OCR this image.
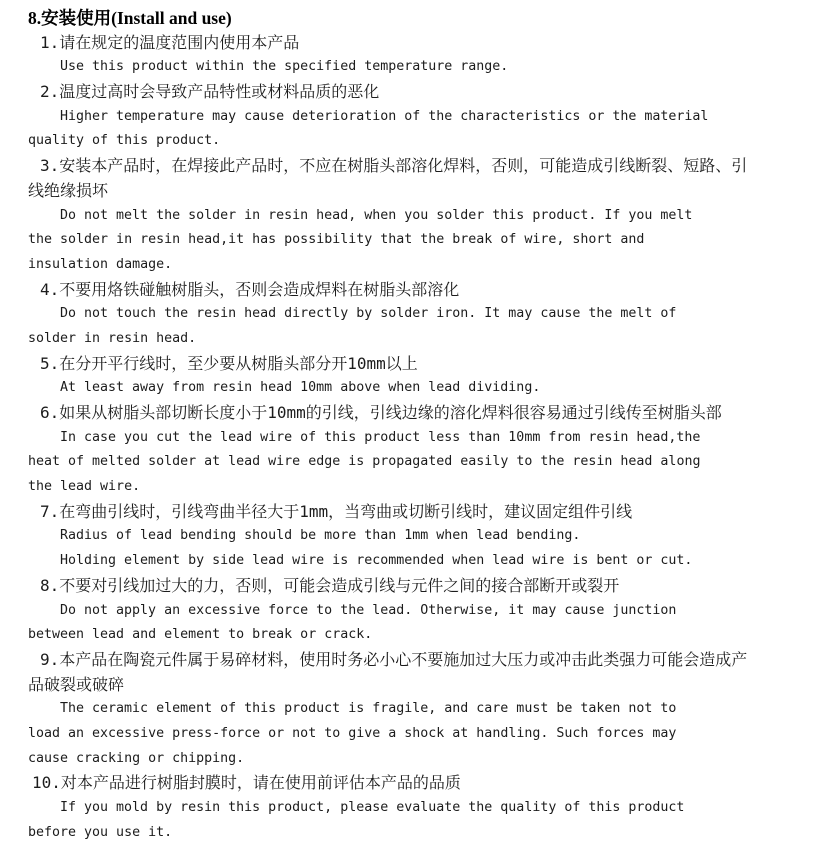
8.安装使用(Install and use)
1.请在规定的温度范围内使用本产品
Use this product within the specified temperature range.
2.温度过高时会导致产品特性或材料品质的恶化
Higher temperature may cause deterioration of the characteristics or the material
quality of this product.
3.安装本产品时，在焊接此产品时，不应在树脂头部溶化焊料，否则，可能造成引线断裂、短路、引
线绝缘损坏
Do not melt the solder in resin head, when you solder this product. If you melt
the solder in resin head,it has possibility that the break of wire, short and
insulation damage.
4.不要用烙铁碰触树脂头，否则会造成焊料在树脂头部溶化
Do not touch the resin head directly by solder iron. It may cause the melt of
solder in resin head.
5.在分开平行线时，至少要从树脂头部分开10mm以上
At least away from resin head 10mm above when lead dividing.
6.如果从树脂头部切断长度小于10mm的引线，引线边缘的溶化焊料很容易通过引线传至树脂头部
In case you cut the lead wire of this product less than 10mm from resin head,the
heat of melted solder at lead wire edge is propagated easily to the resin head along
the lead wire.
7.在弯曲引线时，引线弯曲半径大于1mm，当弯曲或切断引线时，建议固定组件引线
Radius of lead bending should be more than 1mm when lead bending.
Holding element by side lead wire is recommended when lead wire is bent or cut.
8.不要对引线加过大的力，否则，可能会造成引线与元件之间的接合部断开或裂开
Do not apply an excessive force to the lead. Otherwise, it may cause junction
between lead and element to break or crack.
9.本产品在陶瓷元件属于易碎材料，使用时务必小心不要施加过大压力或冲击此类强力可能会造成产
品破裂或破碎
The ceramic element of this product is fragile, and care must be taken not to
load an excessive press-force or not to give a shock at handling. Such forces may
cause cracking or chipping.
10.对本产品进行树脂封膜时，请在使用前评估本产品的品质
If you mold by resin this product, please evaluate the quality of this product
before you use it.
